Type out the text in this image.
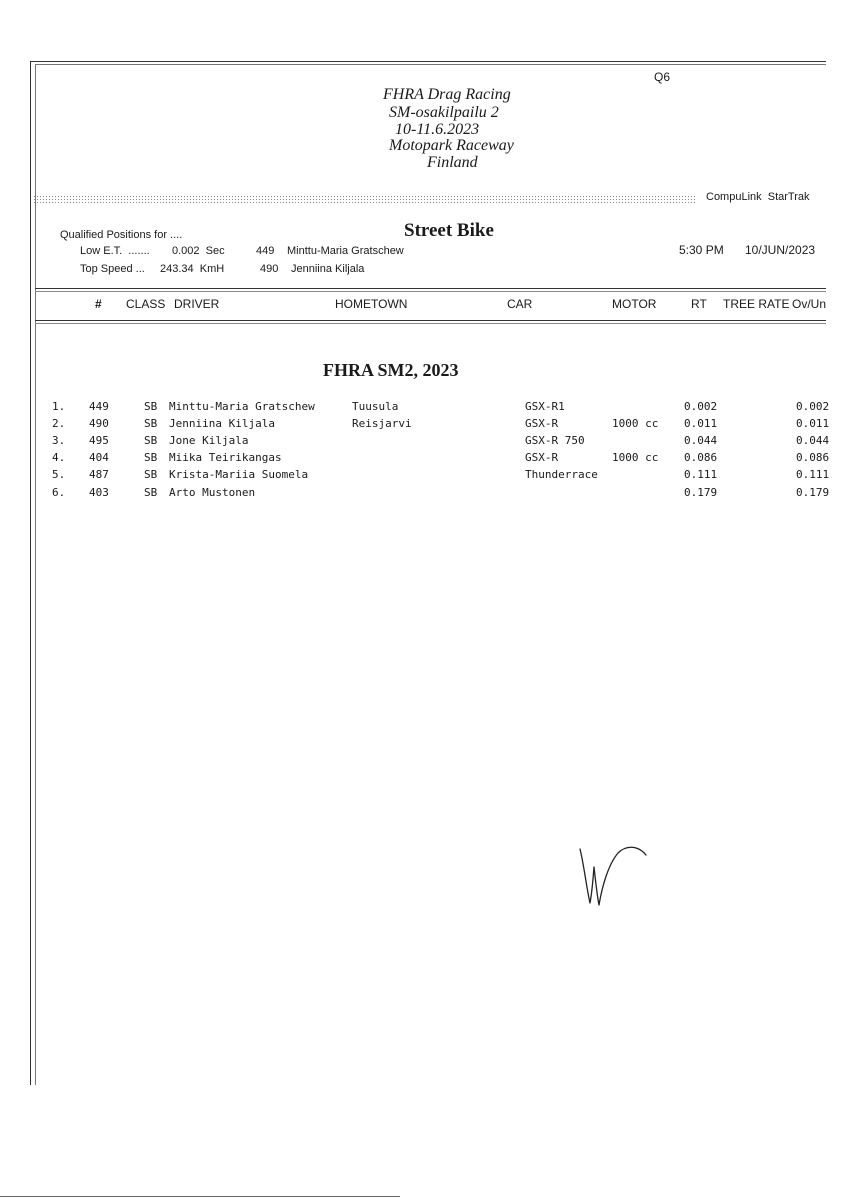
Q6
FHRA Drag Racing
SM-osakilpailu 2
10-11.6.2023
Motopark Raceway
Finland
CompuLink  StarTrak
Qualified Positions for ....	Street Bike
Low E.T.  ....... 0.002  Sec	449 Minttu-Maria Gratschew
Top Speed ... 243.34  KmH	490 Jenniina Kiljala
5:30 PM 10/JUN/2023
# CLASS DRIVER	HOMETOWN	CAR	MOTOR	RT TREE RATE Ov/Un
FHRA SM2, 2023
1. 449	SB Minttu-Maria Gratschew	Tuusula	GSX-R1	0.002	0.002
2. 490	SB Jenniina Kiljala	Reisjarvi	GSX-R	1000 cc 0.011	0.011
3. 495	SB Jone Kiljala	GSX-R 750	0.044	0.044
4. 404	SB Miika Teirikangas	GSX-R	1000 cc 0.086	0.086
5. 487	SB Krista-Mariia Suomela	Thunderrace	0.111	0.111
6. 403	SB Arto Mustonen	0.179	0.179
